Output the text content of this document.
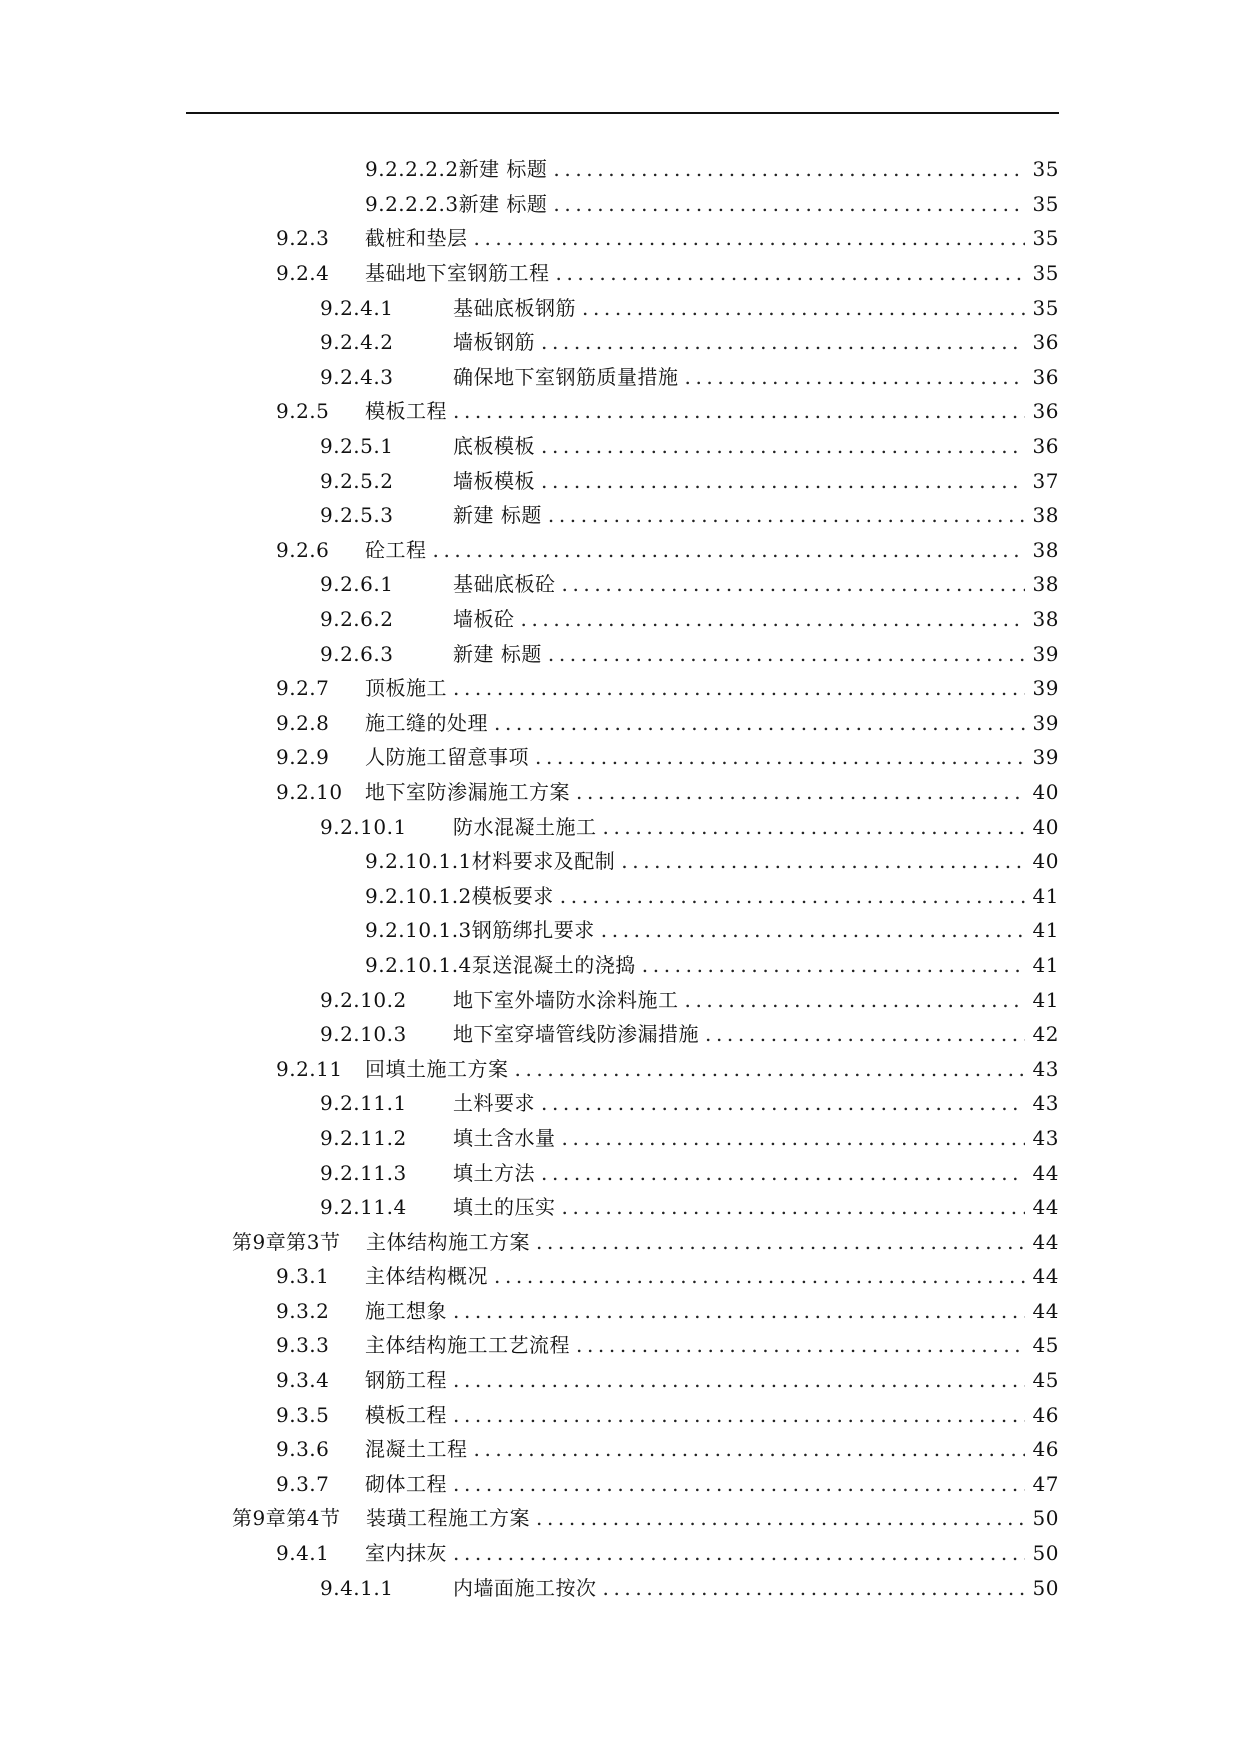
9.2.2.2.2 新建 标题 .....	35
9.2.2.2.3 新建 标题 .....	35
9.2.3	截桩和垫层 .....	35
9.2.4	基础地下室钢筋工程 .....	35
9.2.4.1	基础底板钢筋 .....	35
9.2.4.2	墙板钢筋 .....	36
9.2.4.3	确保地下室钢筋质量措施 .....	36
9.2.5	模板工程 .....	36
9.2.5.1	底板模板 .....	36
9.2.5.2	墙板模板 .....	37
9.2.5.3	新建 标题 .....	38
9.2.6	砼工程 .....	38
9.2.6.1	基础底板砼 .....	38
9.2.6.2	墙板砼 .....	38
9.2.6.3	新建 标题 .....	39
9.2.7	顶板施工 .....	39
9.2.8	施工缝的处理 .....	39
9.2.9	人防施工留意事项 .....	39
9.2.10	地下室防渗漏施工方案 .....	40
9.2.10.1	防水混凝土施工 .....	40
9.2.10.1.1 材料要求及配制 .....	40
9.2.10.1.2 模板要求 .....	41
9.2.10.1.3 钢筋绑扎要求 .....	41
9.2.10.1.4 泵送混凝土的浇捣 .....	41
9.2.10.2	地下室外墙防水涂料施工 .....	41
9.2.10.3	地下室穿墙管线防渗漏措施 .....	42
9.2.11	回填土施工方案 .....	43
9.2.11.1	土料要求 .....	43
9.2.11.2	填土含水量 .....	43
9.2.11.3	填土方法 .....	44
9.2.11.4	填土的压实 .....	44
第9章第3节	主体结构施工方案 .....	44
9.3.1	主体结构概况 .....	44
9.3.2	施工想象 .....	44
9.3.3	主体结构施工工艺流程 .....	45
9.3.4	钢筋工程 .....	45
9.3.5	模板工程 .....	46
9.3.6	混凝土工程 .....	46
9.3.7	砌体工程 .....	47
第9章第4节	装璜工程施工方案 .....	50
9.4.1	室内抹灰 .....	50
9.4.1.1	内墙面施工按次 .....	50
